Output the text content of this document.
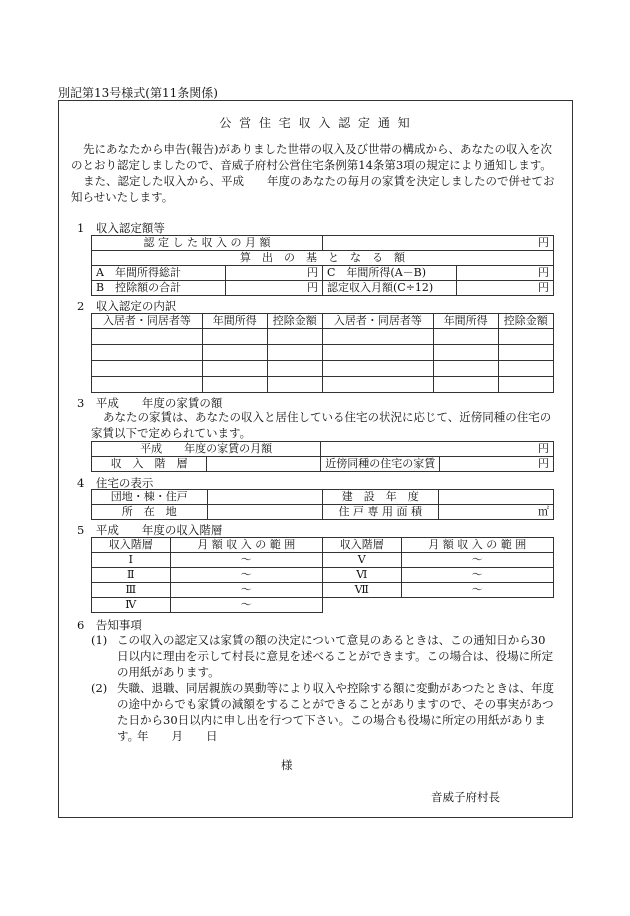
別記第13号様式(第11条関係)
公 営 住 宅 収 入 認 定 通 知
先にあなたから申告(報告)がありました世帯の収入及び世帯の構成から、あなたの収入を次のとおり認定しましたので、音威子府村公営住宅条例第14条第3項の規定により通知します。
また、認定した収入から、平成　　年度のあなたの毎月の家賃を決定しましたので併せてお知らせいたします。
1　収入認定額等
認 定 し た 収 入 の 月 額		円	
算　出　の　基　と　な　る　額			
A　年間所得総計	円	C　年間所得(A－B)	円
B　控除額の合計	円	認定収入月額(C÷12)	円
2　収入認定の内訳
入居者・同居者等	年間所得	控除金額	入居者・同居者等	年間所得	控除金額

3　平成　　年度の家賃の額
あなたの家賃は、あなたの収入と居住している住宅の状況に応じて、近傍同種の住宅の家賃以下で定められています。
平成　　年度の家賃の月額		円	
収　入　階　層		近傍同種の住宅の家賃	円
4　住宅の表示
団地・棟・住戸		建　設　年　度	
所　在　地		住 戸 専 用 面 積	㎡
5　平成　　年度の収入階層
収入階層	月 額 収 入 の 範 囲	収入階層	月 額 収 入 の 範 囲
Ⅰ	～	Ⅴ	～
Ⅱ	～	Ⅵ	～
Ⅲ	～	Ⅶ	～
Ⅳ	～		
6　告知事項
(1) この収入の認定又は家賃の額の決定について意見のあるときは、この通知日から30日以内に理由を示して村長に意見を述べることができます。この場合は、役場に所定の用紙があります。
(2) 失職、退職、同居親族の異動等により収入や控除する額に変動があつたときは、年度の途中からでも家賃の減額をすることができることがありますので、その事実があつた日から30日以内に申し出を行つて下さい。この場合も役場に所定の用紙があります。
年　　月　　日
様
音威子府村長
